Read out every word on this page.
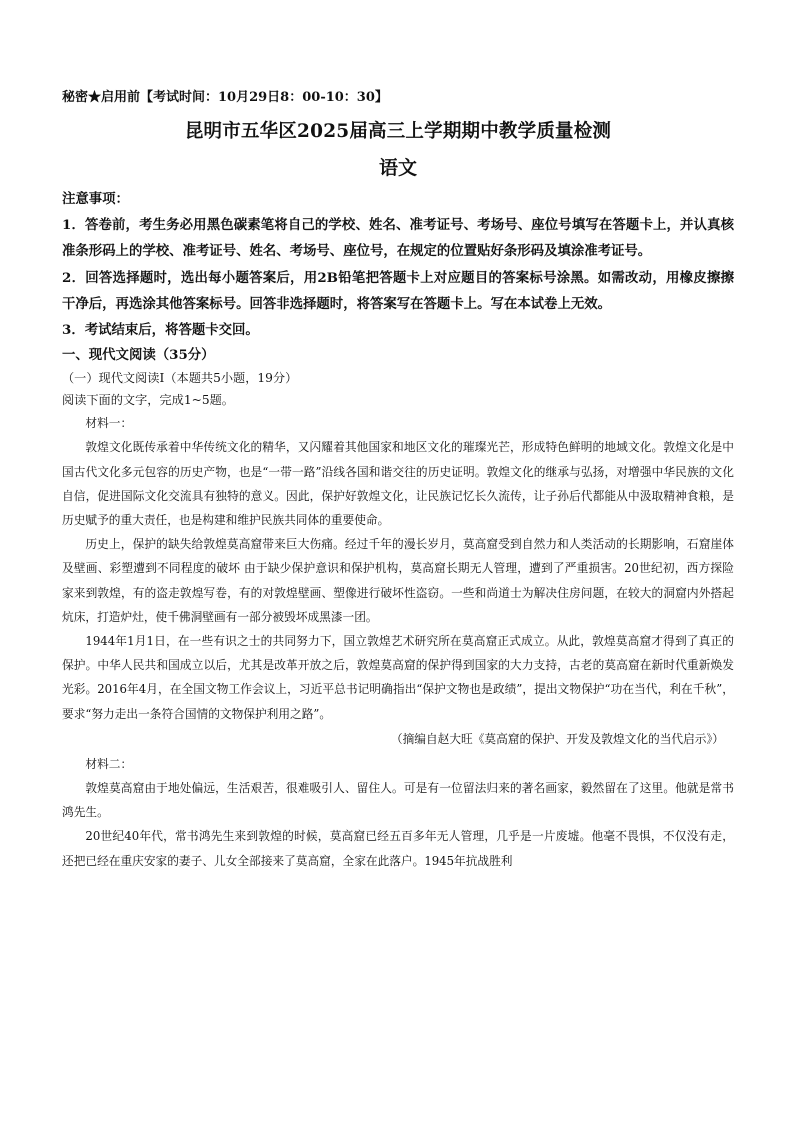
秘密★启用前【考试时间：10月29日8：00-10：30】
昆明市五华区2025届高三上学期期中教学质量检测
语文

注意事项：

1．答卷前，考生务必用黑色碳素笔将自己的学校、姓名、准考证号、考场号、座位号填写在答题卡上，并认真核准条形码上的学校、准考证号、姓名、考场号、座位号，在规定的位置贴好条形码及填涂准考证号。

2．回答选择题时，选出每小题答案后，用2B铅笔把答题卡上对应题目的答案标号涂黑。如需改动，用橡皮擦擦干净后，再选涂其他答案标号。回答非选择题时，将答案写在答题卡上。写在本试卷上无效。

3．考试结束后，将答题卡交回。

一、现代文阅读（35分）
（一）现代文阅读Ⅰ（本题共5小题，19分）
阅读下面的文字，完成1~5题。
材料一：

敦煌文化既传承着中华传统文化的精华，又闪耀着其他国家和地区文化的璀璨光芒，形成特色鲜明的地域文化。敦煌文化是中国古代文化多元包容的历史产物，也是“一带一路”沿线各国和谐交往的历史证明。敦煌文化的继承与弘扬，对增强中华民族的文化自信，促进国际文化交流具有独特的意义。因此，保护好敦煌文化，让民族记忆长久流传，让子孙后代都能从中汲取精神食粮，是历史赋予的重大责任，也是构建和维护民族共同体的重要使命。

历史上，保护的缺失给敦煌莫高窟带来巨大伤痛。经过千年的漫长岁月，莫高窟受到自然力和人类活动的长期影响，石窟崖体及壁画、彩塑遭到不同程度的破坏 由于缺少保护意识和保护机构，莫高窟长期无人管理，遭到了严重损害。20世纪初，西方探险家来到敦煌，有的盗走敦煌写卷，有的对敦煌壁画、塑像进行破坏性盗窃。一些和尚道士为解决住房问题，在较大的洞窟内外搭起炕床，打造炉灶，使千佛洞壁画有一部分被毁坏成黑漆一团。

1944年1月1日，在一些有识之士的共同努力下，国立敦煌艺术研究所在莫高窟正式成立。从此，敦煌莫高窟才得到了真正的保护。中华人民共和国成立以后，尤其是改革开放之后，敦煌莫高窟的保护得到国家的大力支持，古老的莫高窟在新时代重新焕发光彩。2016年4月，在全国文物工作会议上，习近平总书记明确指出“保护文物也是政绩”，提出文物保护“功在当代，利在千秋”，要求“努力走出一条符合国情的文物保护利用之路”。

（摘编自赵大旺《莫高窟的保护、开发及敦煌文化的当代启示》）
材料二：

敦煌莫高窟由于地处偏远，生活艰苦，很难吸引人、留住人。可是有一位留法归来的著名画家，毅然留在了这里。他就是常书鸿先生。

20世纪40年代，常书鸿先生来到敦煌的时候，莫高窟已经五百多年无人管理，几乎是一片废墟。他毫不畏惧，不仅没有走，还把已经在重庆安家的妻子、儿女全部接来了莫高窟，全家在此落户。1945年抗战胜利
